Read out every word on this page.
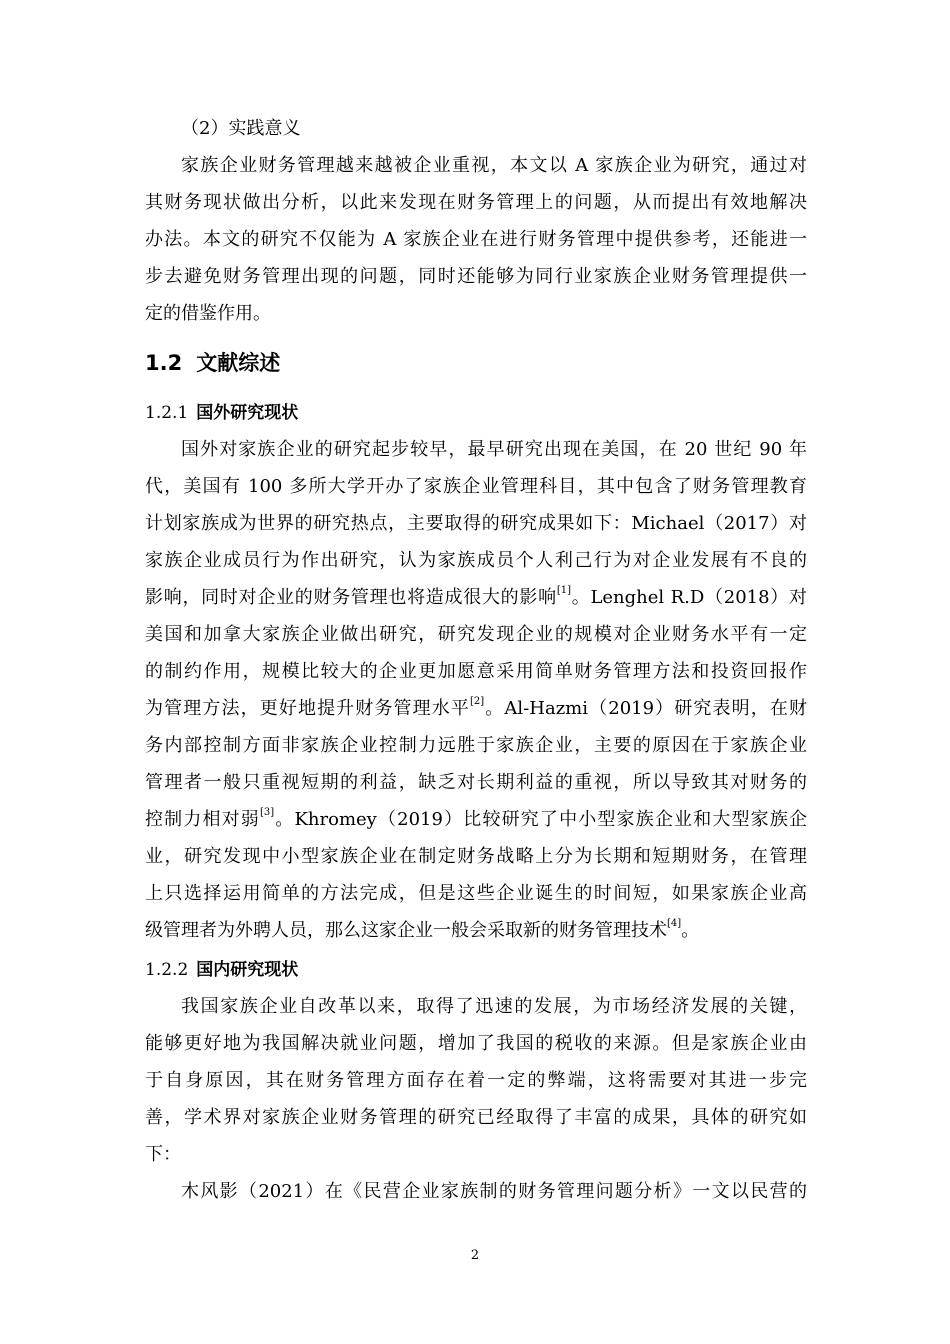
（2）实践意义
家族企业财务管理越来越被企业重视，本文以 A 家族企业为研究，通过对
其财务现状做出分析，以此来发现在财务管理上的问题，从而提出有效地解决
办法。本文的研究不仅能为 A 家族企业在进行财务管理中提供参考，还能进一
步去避免财务管理出现的问题，同时还能够为同行业家族企业财务管理提供一
定的借鉴作用。
1.2 文献综述
1.2.1 国外研究现状
国外对家族企业的研究起步较早，最早研究出现在美国，在 20 世纪 90 年
代，美国有 100 多所大学开办了家族企业管理科目，其中包含了财务管理教育
计划家族成为世界的研究热点，主要取得的研究成果如下：Michael（2017）对
家族企业成员行为作出研究，认为家族成员个人利己行为对企业发展有不良的
影响，同时对企业的财务管理也将造成很大的影响[1]。Lenghel R.D（2018）对
美国和加拿大家族企业做出研究，研究发现企业的规模对企业财务水平有一定
的制约作用，规模比较大的企业更加愿意采用简单财务管理方法和投资回报作
为管理方法，更好地提升财务管理水平[2]。Al-Hazmi（2019）研究表明，在财
务内部控制方面非家族企业控制力远胜于家族企业，主要的原因在于家族企业
管理者一般只重视短期的利益，缺乏对长期利益的重视，所以导致其对财务的
控制力相对弱[3]。Khromey（2019）比较研究了中小型家族企业和大型家族企
业，研究发现中小型家族企业在制定财务战略上分为长期和短期财务，在管理
上只选择运用简单的方法完成，但是这些企业诞生的时间短，如果家族企业高
级管理者为外聘人员，那么这家企业一般会采取新的财务管理技术[4]。
1.2.2 国内研究现状
我国家族企业自改革以来，取得了迅速的发展，为市场经济发展的关键，
能够更好地为我国解决就业问题，增加了我国的税收的来源。但是家族企业由
于自身原因，其在财务管理方面存在着一定的弊端，这将需要对其进一步完
善，学术界对家族企业财务管理的研究已经取得了丰富的成果，具体的研究如
下：
木风影（2021）在《民营企业家族制的财务管理问题分析》一文以民营的
2
